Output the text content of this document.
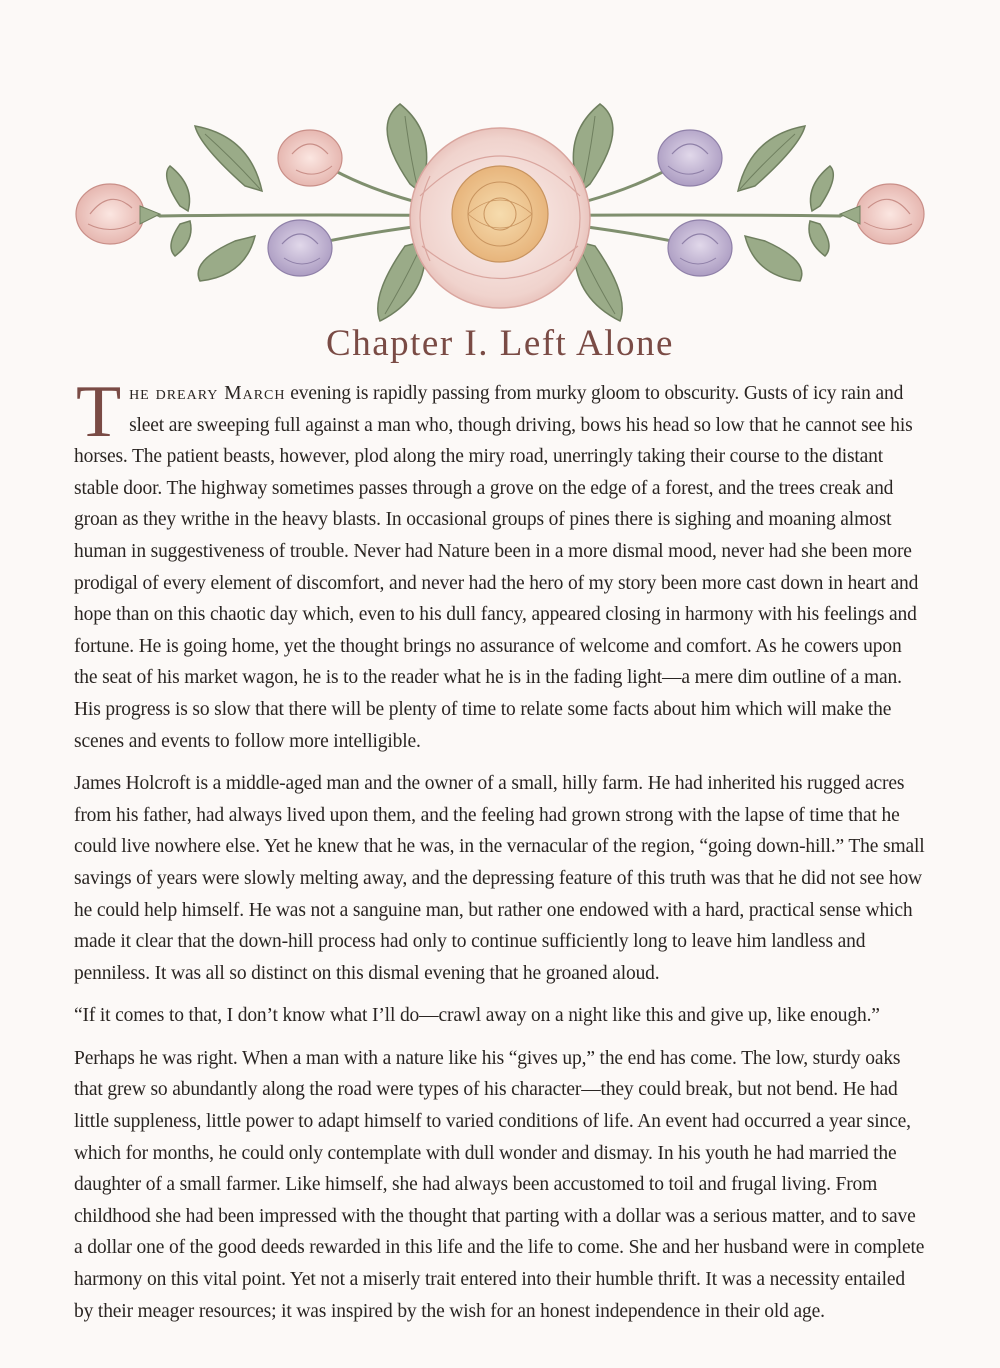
Chapter I. Left Alone

The dreary March evening is rapidly passing from murky gloom to obscurity. Gusts of icy rain and sleet are sweeping full against a man who, though driving, bows his head so low that he cannot see his horses. The patient beasts, however, plod along the miry road, unerringly taking their course to the distant stable door. The highway sometimes passes through a grove on the edge of a forest, and the trees creak and groan as they writhe in the heavy blasts. In occasional groups of pines there is sighing and moaning almost human in suggestiveness of trouble. Never had Nature been in a more dismal mood, never had she been more prodigal of every element of discomfort, and never had the hero of my story been more cast down in heart and hope than on this chaotic day which, even to his dull fancy, appeared closing in harmony with his feelings and fortune. He is going home, yet the thought brings no assurance of welcome and comfort. As he cowers upon the seat of his market wagon, he is to the reader what he is in the fading light—a mere dim outline of a man. His progress is so slow that there will be plenty of time to relate some facts about him which will make the scenes and events to follow more intelligible.

James Holcroft is a middle-aged man and the owner of a small, hilly farm. He had inherited his rugged acres from his father, had always lived upon them, and the feeling had grown strong with the lapse of time that he could live nowhere else. Yet he knew that he was, in the vernacular of the region, “going down-hill.” The small savings of years were slowly melting away, and the depressing feature of this truth was that he did not see how he could help himself. He was not a sanguine man, but rather one endowed with a hard, practical sense which made it clear that the down-hill process had only to continue sufficiently long to leave him landless and penniless. It was all so distinct on this dismal evening that he groaned aloud.

“If it comes to that, I don’t know what I’ll do—crawl away on a night like this and give up, like enough.”

Perhaps he was right. When a man with a nature like his “gives up,” the end has come. The low, sturdy oaks that grew so abundantly along the road were types of his character—they could break, but not bend. He had little suppleness, little power to adapt himself to varied conditions of life. An event had occurred a year since, which for months, he could only contemplate with dull wonder and dismay. In his youth he had married the daughter of a small farmer. Like himself, she had always been accustomed to toil and frugal living. From childhood she had been impressed with the thought that parting with a dollar was a serious matter, and to save a dollar one of the good deeds rewarded in this life and the life to come. She and her husband were in complete harmony on this vital point. Yet not a miserly trait entered into their humble thrift. It was a necessity entailed by their meager resources; it was inspired by the wish for an honest independence in their old age.
